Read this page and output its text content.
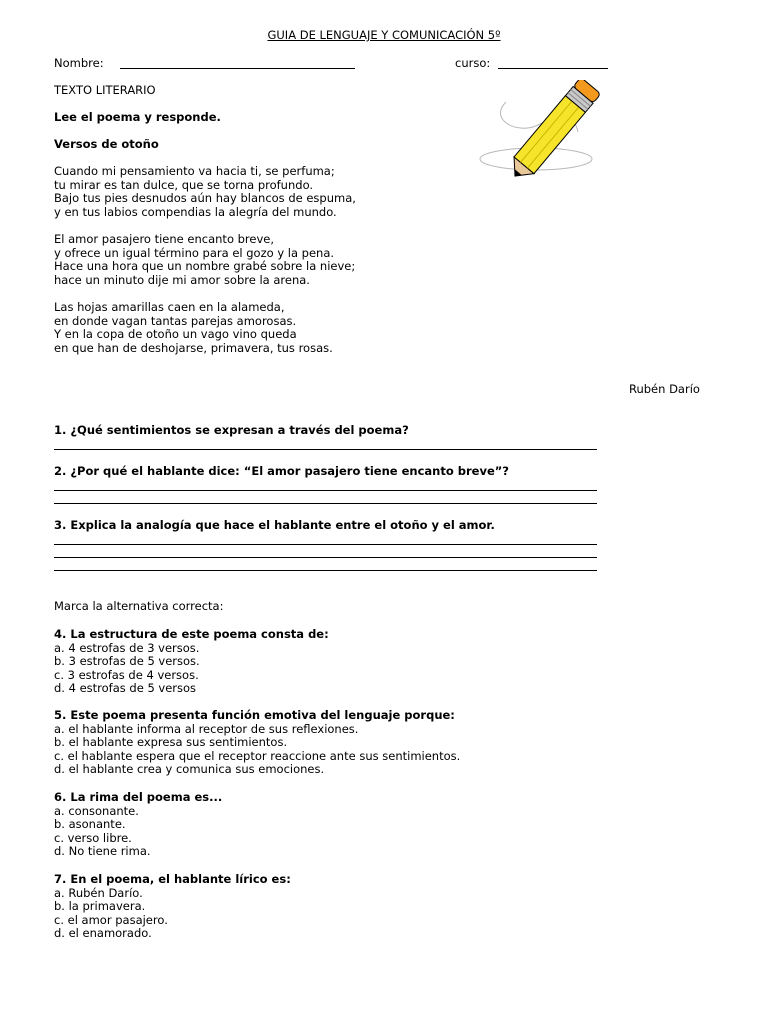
GUIA DE LENGUAJE Y COMUNICACIÓN 5º
Nombre:	curso:
TEXTO LITERARIO
Lee el poema y responde.
Versos de otoño
Cuando mi pensamiento va hacia ti, se perfuma;
tu mirar es tan dulce, que se torna profundo.
Bajo tus pies desnudos aún hay blancos de espuma,
y en tus labios compendias la alegría del mundo.
El amor pasajero tiene encanto breve,
y ofrece un igual término para el gozo y la pena.
Hace una hora que un nombre grabé sobre la nieve;
hace un minuto dije mi amor sobre la arena.
Las hojas amarillas caen en la alameda,
en donde vagan tantas parejas amorosas.
Y en la copa de otoño un vago vino queda
en que han de deshojarse, primavera, tus rosas.
Rubén Darío
1. ¿Qué sentimientos se expresan a través del poema?
2. ¿Por qué el hablante dice: “El amor pasajero tiene encanto breve”?
3. Explica la analogía que hace el hablante entre el otoño y el amor.
Marca la alternativa correcta:
4. La estructura de este poema consta de:
a. 4 estrofas de 3 versos.
b. 3 estrofas de 5 versos.
c. 3 estrofas de 4 versos.
d. 4 estrofas de 5 versos
5. Este poema presenta función emotiva del lenguaje porque:
a. el hablante informa al receptor de sus reflexiones.
b. el hablante expresa sus sentimientos.
c. el hablante espera que el receptor reaccione ante sus sentimientos.
d. el hablante crea y comunica sus emociones.
6. La rima del poema es...
a. consonante.
b. asonante.
c. verso libre.
d. No tiene rima.
7. En el poema, el hablante lírico es:
a. Rubén Darío.
b. la primavera.
c. el amor pasajero.
d. el enamorado.
